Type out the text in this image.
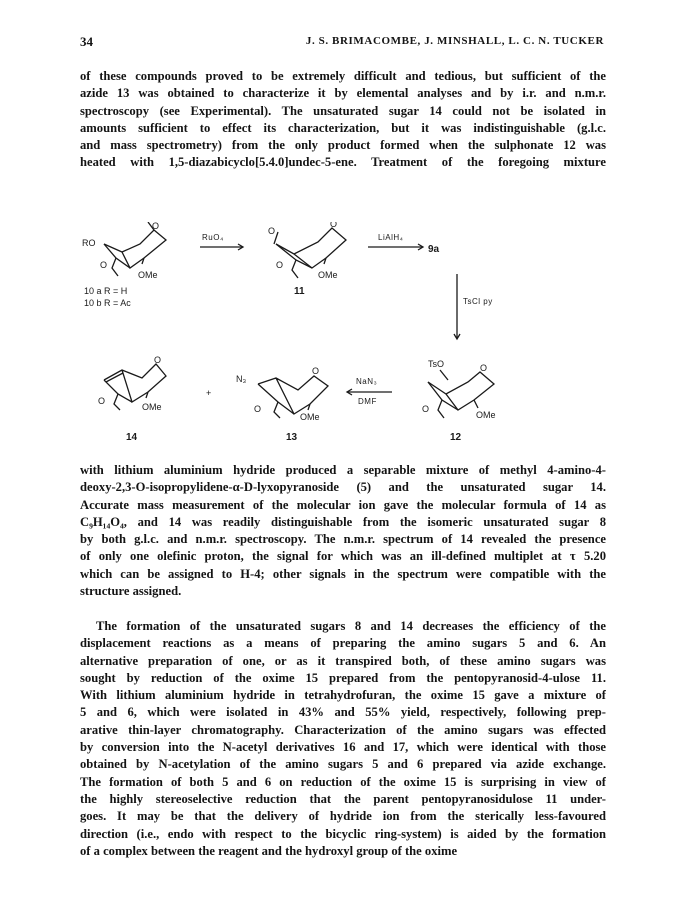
34	J. S. BRIMACOMBE, J. MINSHALL, L. C. N. TUCKER
of these compounds proved to be extremely difficult and tedious, but sufficient of the
azide 13 was obtained to characterize it by elemental analyses and by i.r. and n.m.r.
spectroscopy (see Experimental). The unsaturated sugar 14 could not be isolated in
amounts sufficient to effect its characterization, but it was indistinguishable (g.l.c.
and mass spectrometry) from the only product formed when the sulphonate 12 was
heated with 1,5-diazabicyclo[5.4.0]undec-5-ene. Treatment of the foregoing mixture
RO
O
O
OMe
10 a R = H
10 b R = Ac
RuO₄
O
O
O
OMe
11
LiAlH₄
9a
TsCl py
O
O
OMe
14
+
N₃
O
O
OMe
13
NaN₃
DMF
TsO	O
O
OMe
12
with lithium aluminium hydride produced a separable mixture of methyl 4-amino-4-
deoxy-2,3-O-isopropylidene-α-D-lyxopyranoside (5) and the unsaturated sugar 14.
Accurate mass measurement of the molecular ion gave the molecular formula of 14 as
C₉H₁₄O₄, and 14 was readily distinguishable from the isomeric unsaturated sugar 8
by both g.l.c. and n.m.r. spectroscopy. The n.m.r. spectrum of 14 revealed the presence
of only one olefinic proton, the signal for which was an ill-defined multiplet at τ 5.20
which can be assigned to H-4; other signals in the spectrum were compatible with the
structure assigned.
The formation of the unsaturated sugars 8 and 14 decreases the efficiency of the
displacement reactions as a means of preparing the amino sugars 5 and 6. An
alternative preparation of one, or as it transpired both, of these amino sugars was
sought by reduction of the oxime 15 prepared from the pentopyranosid-4-ulose 11.
With lithium aluminium hydride in tetrahydrofuran, the oxime 15 gave a mixture of
5 and 6, which were isolated in 43% and 55% yield, respectively, following prep-
arative thin-layer chromatography. Characterization of the amino sugars was effected
by conversion into the N-acetyl derivatives 16 and 17, which were identical with those
obtained by N-acetylation of the amino sugars 5 and 6 prepared via azide exchange.
The formation of both 5 and 6 on reduction of the oxime 15 is surprising in view of
the highly stereoselective reduction that the parent pentopyranosidulose 11 under-
goes. It may be that the delivery of hydride ion from the sterically less-favoured
direction (i.e., endo with respect to the bicyclic ring-system) is aided by the formation
of a complex between the reagent and the hydroxyl group of the oxime
